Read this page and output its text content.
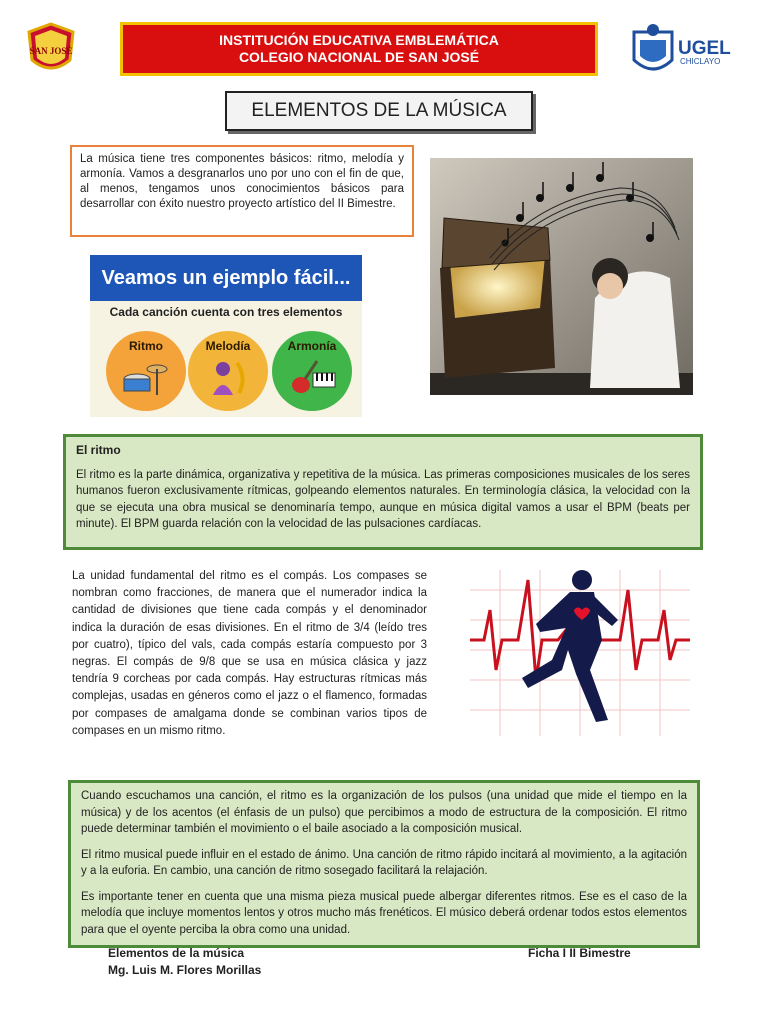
SAN JOSÉ
INSTITUCIÓN EDUCATIVA EMBLEMÁTICA
COLEGIO NACIONAL DE SAN JOSÉ	UGEL
CHICLAYO
ELEMENTOS DE LA MÚSICA
La música tiene tres componentes básicos: ritmo, melodía y armonía. Vamos a desgranarlos uno por uno con el fin de que, al menos, tengamos unos conocimientos básicos para desarrollar con éxito nuestro proyecto artístico del II Bimestre.
Veamos un ejemplo fácil...
Cada canción cuenta con tres elementos
Ritmo	Melodía	Armonía
El ritmo

El ritmo es la parte dinámica, organizativa y repetitiva de la música. Las primeras composiciones musicales de los seres humanos fueron exclusivamente rítmicas, golpeando elementos naturales. En terminología clásica, la velocidad con la que se ejecuta una obra musical se denominaría tempo, aunque en música digital vamos a usar el BPM (beats per minute). El BPM guarda relación con la velocidad de las pulsaciones cardíacas.

La unidad fundamental del ritmo es el compás. Los compases se nombran como fracciones, de manera que el numerador indica la cantidad de divisiones que tiene cada compás y el denominador indica la duración de esas divisiones. En el ritmo de 3/4 (leído tres por cuatro), típico del vals, cada compás estaría compuesto por 3 negras. El compás de 9/8 que se usa en música clásica y jazz tendría 9 corcheas por cada compás. Hay estructuras rítmicas más complejas, usadas en géneros como el jazz o el flamenco, formadas por compases de amalgama donde se combinan varios tipos de compases en un mismo ritmo.

Cuando escuchamos una canción, el ritmo es la organización de los pulsos (una unidad que mide el tiempo en la música) y de los acentos (el énfasis de un pulso) que percibimos a modo de estructura de la composición. El ritmo puede determinar también el movimiento o el baile asociado a la composición musical.

El ritmo musical puede influir en el estado de ánimo. Una canción de ritmo rápido incitará al movimiento, a la agitación y a la euforia. En cambio, una canción de ritmo sosegado facilitará la relajación.

Es importante tener en cuenta que una misma pieza musical puede albergar diferentes ritmos. Ese es el caso de la melodía que incluye momentos lentos y otros mucho más frenéticos. El músico deberá ordenar todos estos elementos para que el oyente perciba la obra como una unidad.

Elementos de la música
Mg. Luis M. Flores Morillas
Ficha I II Bimestre
